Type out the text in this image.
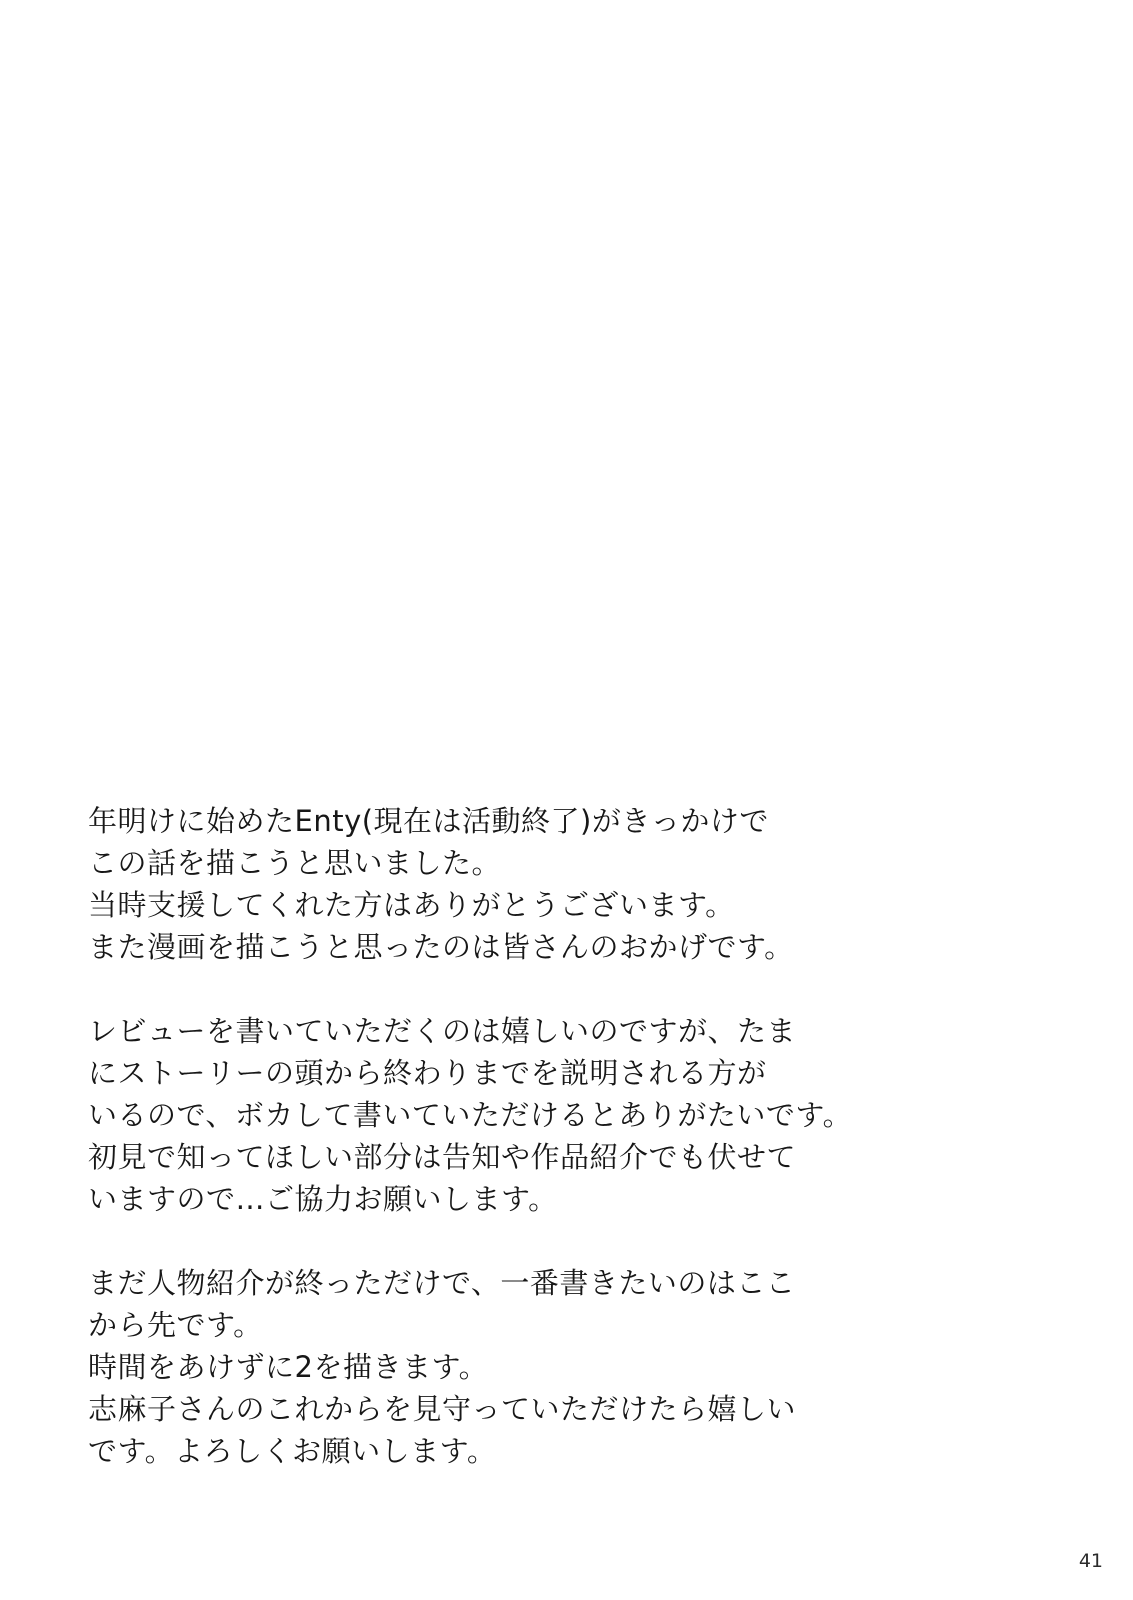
年明けに始めたEnty(現在は活動終了)がきっかけで
この話を描こうと思いました。
当時支援してくれた方はありがとうございます。
また漫画を描こうと思ったのは皆さんのおかげです。
レビューを書いていただくのは嬉しいのですが、たま
にストーリーの頭から終わりまでを説明される方が
いるので、ボカして書いていただけるとありがたいです。
初見で知ってほしい部分は告知や作品紹介でも伏せて
いますので…ご協力お願いします。
まだ人物紹介が終っただけで、一番書きたいのはここ
から先です。
時間をあけずに2を描きます。
志麻子さんのこれからを見守っていただけたら嬉しい
です。よろしくお願いします。
41
